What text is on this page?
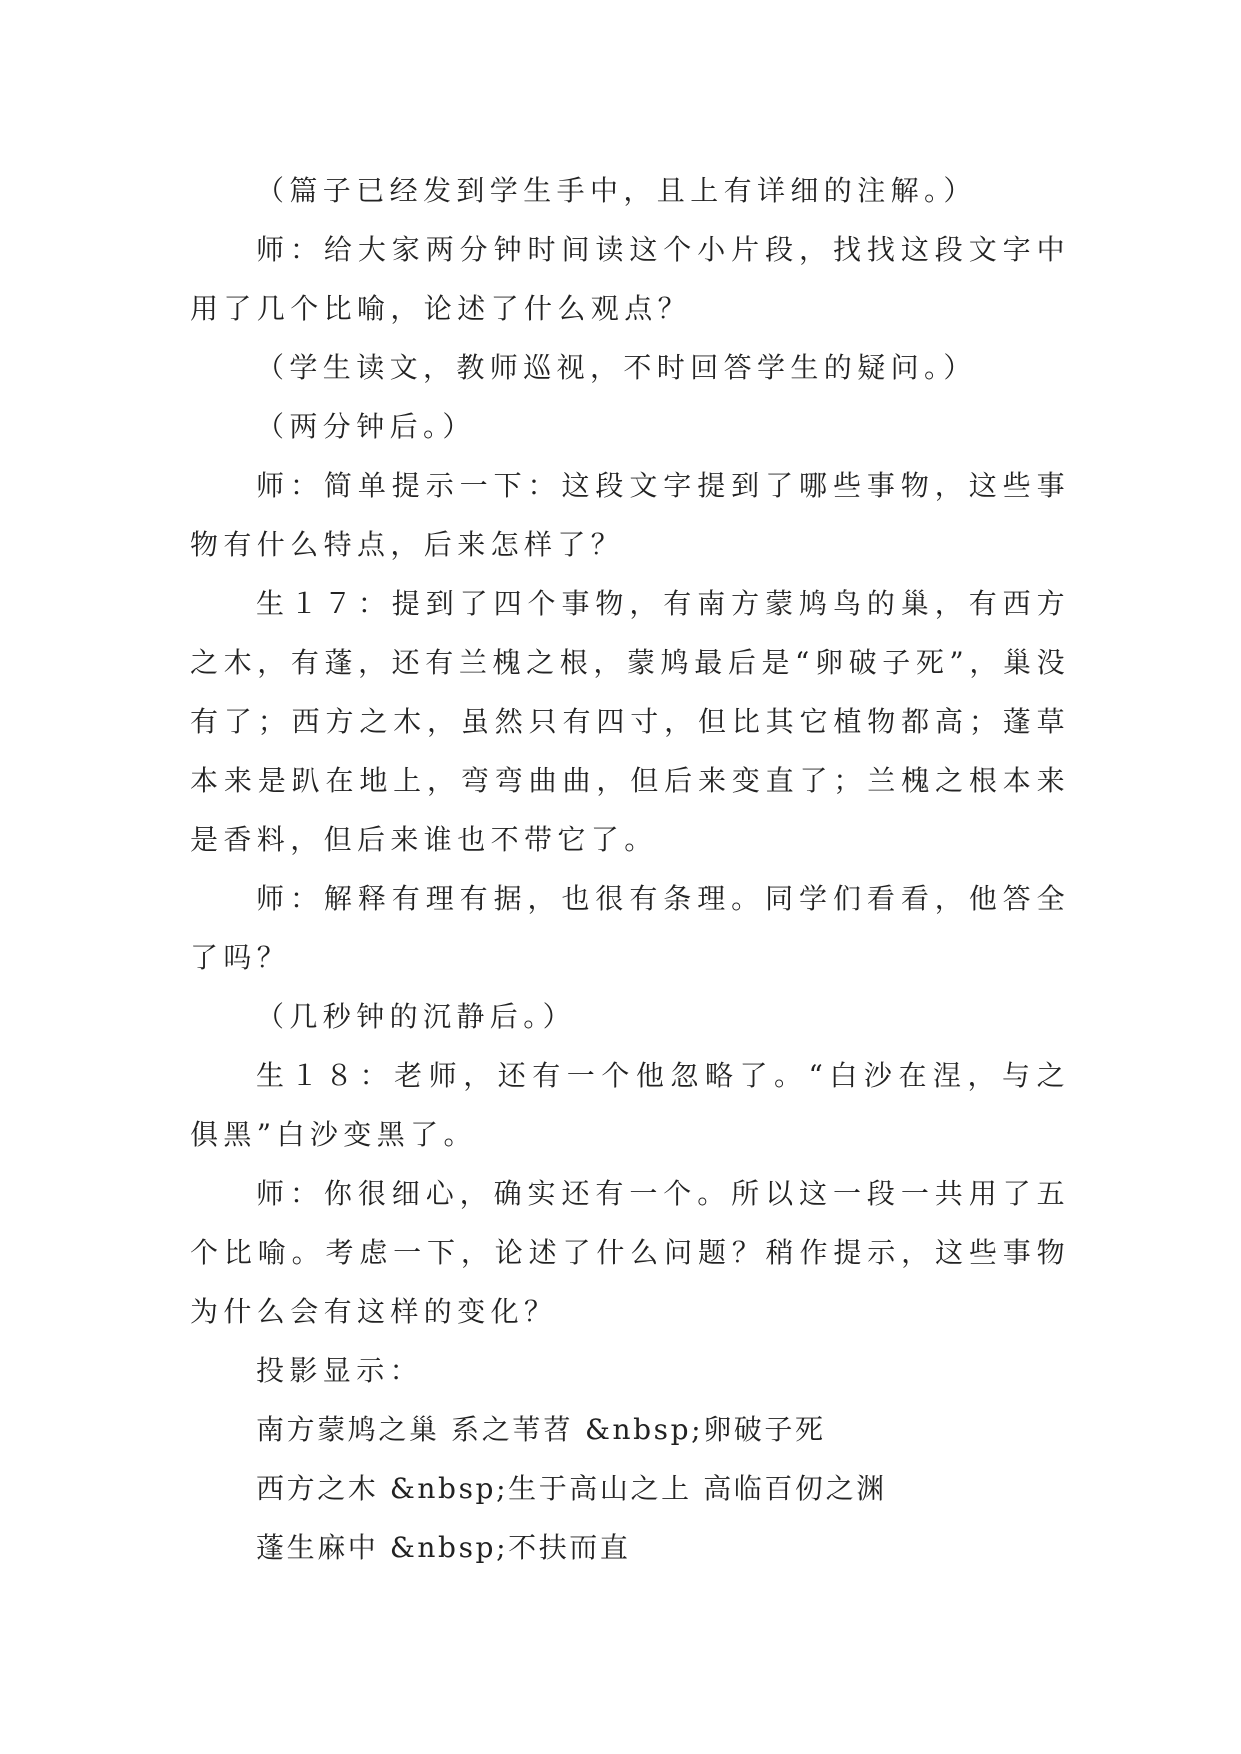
（篇子已经发到学生手中，且上有详细的注解。）

师：给大家两分钟时间读这个小片段，找找这段文字中用了几个比喻，论述了什么观点？

（学生读文，教师巡视，不时回答学生的疑问。）

（两分钟后。）

师：简单提示一下：这段文字提到了哪些事物，这些事物有什么特点，后来怎样了？

生１７：提到了四个事物，有南方蒙鸠鸟的巢，有西方之木，有蓬，还有兰槐之根，蒙鸠最后是“卵破子死”，巢没有了；西方之木，虽然只有四寸，但比其它植物都高；蓬草本来是趴在地上，弯弯曲曲，但后来变直了；兰槐之根本来是香料，但后来谁也不带它了。

师：解释有理有据，也很有条理。同学们看看，他答全了吗？

（几秒钟的沉静后。）

生１８：老师，还有一个他忽略了。“白沙在涅，与之俱黑”白沙变黑了。

师：你很细心，确实还有一个。所以这一段一共用了五个比喻。考虑一下，论述了什么问题？稍作提示，这些事物为什么会有这样的变化？

投影显示：

南方蒙鸠之巢 系之苇苕 &nbsp;卵破子死

西方之木 &nbsp;生于高山之上 高临百仞之渊

蓬生麻中 &nbsp;不扶而直
